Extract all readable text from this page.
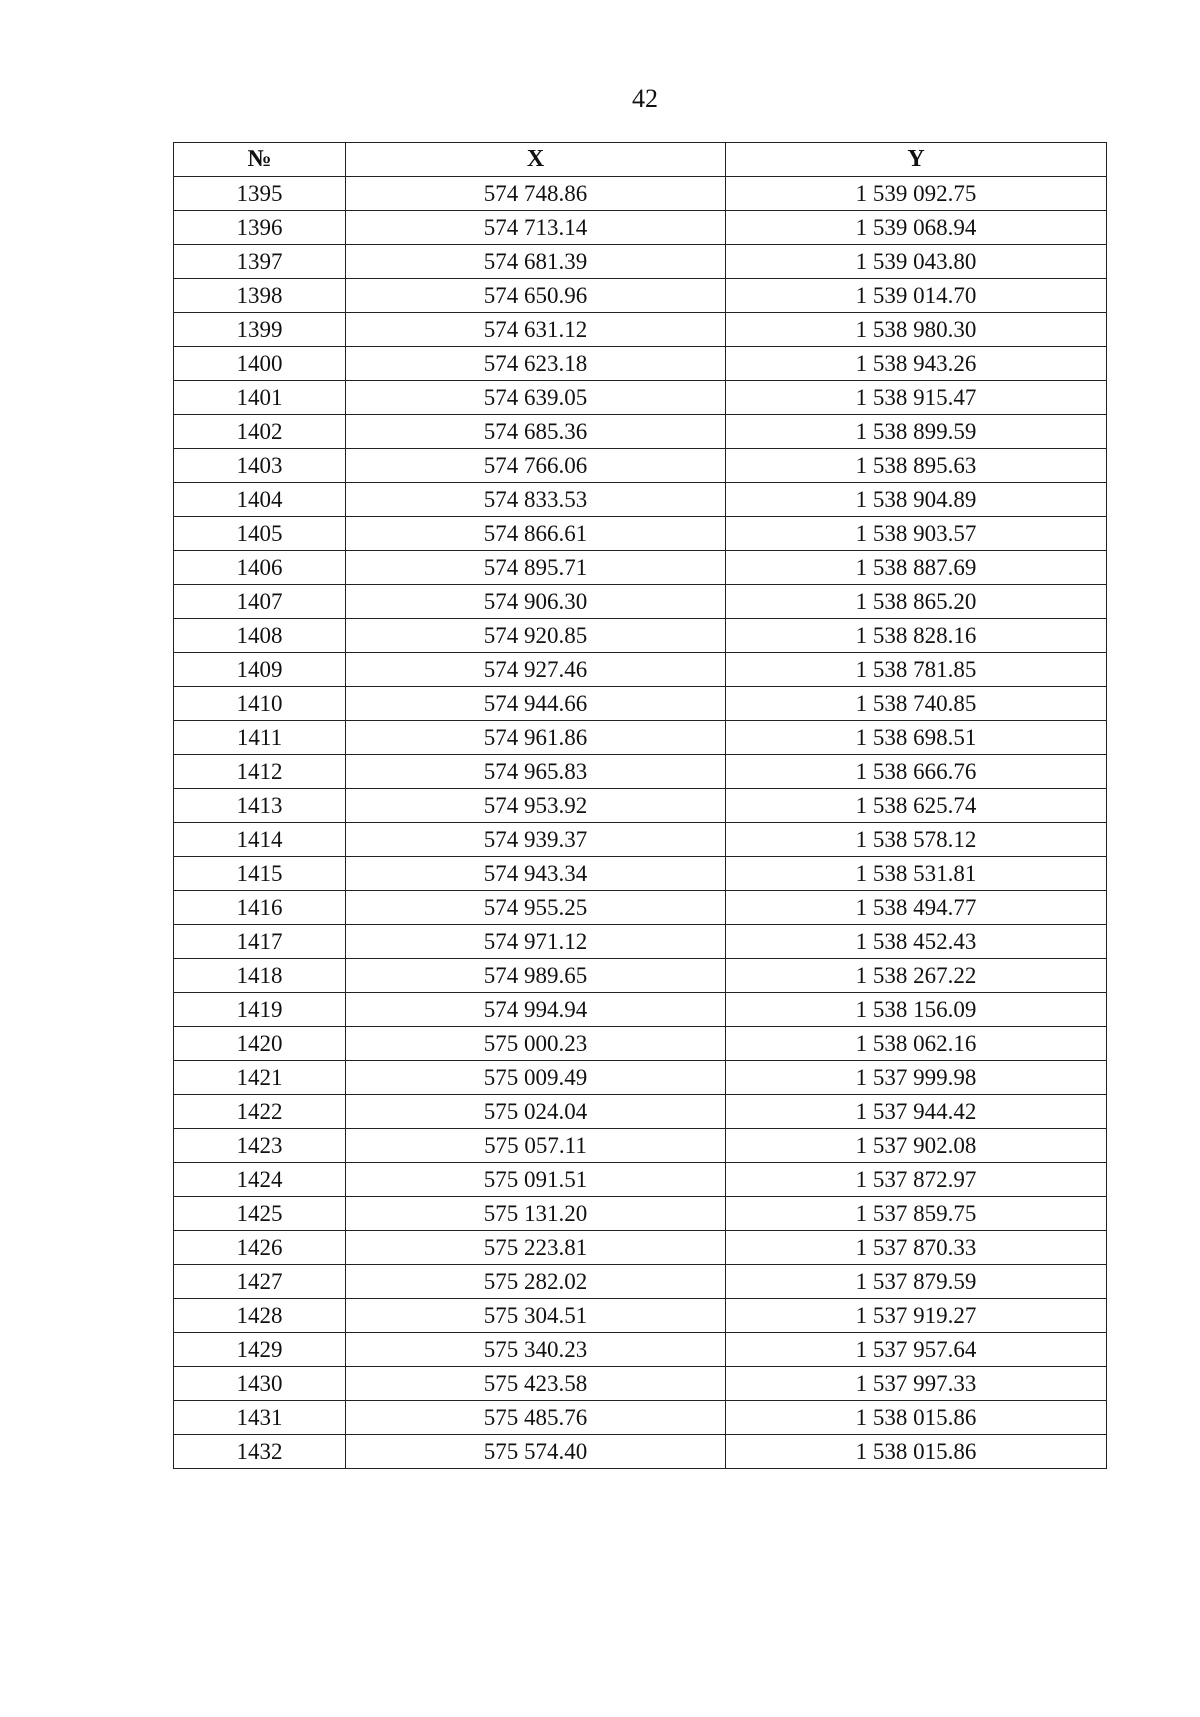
42
№	X	Y
1395	574 748.86	1 539 092.75
1396	574 713.14	1 539 068.94
1397	574 681.39	1 539 043.80
1398	574 650.96	1 539 014.70
1399	574 631.12	1 538 980.30
1400	574 623.18	1 538 943.26
1401	574 639.05	1 538 915.47
1402	574 685.36	1 538 899.59
1403	574 766.06	1 538 895.63
1404	574 833.53	1 538 904.89
1405	574 866.61	1 538 903.57
1406	574 895.71	1 538 887.69
1407	574 906.30	1 538 865.20
1408	574 920.85	1 538 828.16
1409	574 927.46	1 538 781.85
1410	574 944.66	1 538 740.85
1411	574 961.86	1 538 698.51
1412	574 965.83	1 538 666.76
1413	574 953.92	1 538 625.74
1414	574 939.37	1 538 578.12
1415	574 943.34	1 538 531.81
1416	574 955.25	1 538 494.77
1417	574 971.12	1 538 452.43
1418	574 989.65	1 538 267.22
1419	574 994.94	1 538 156.09
1420	575 000.23	1 538 062.16
1421	575 009.49	1 537 999.98
1422	575 024.04	1 537 944.42
1423	575 057.11	1 537 902.08
1424	575 091.51	1 537 872.97
1425	575 131.20	1 537 859.75
1426	575 223.81	1 537 870.33
1427	575 282.02	1 537 879.59
1428	575 304.51	1 537 919.27
1429	575 340.23	1 537 957.64
1430	575 423.58	1 537 997.33
1431	575 485.76	1 538 015.86
1432	575 574.40	1 538 015.86
